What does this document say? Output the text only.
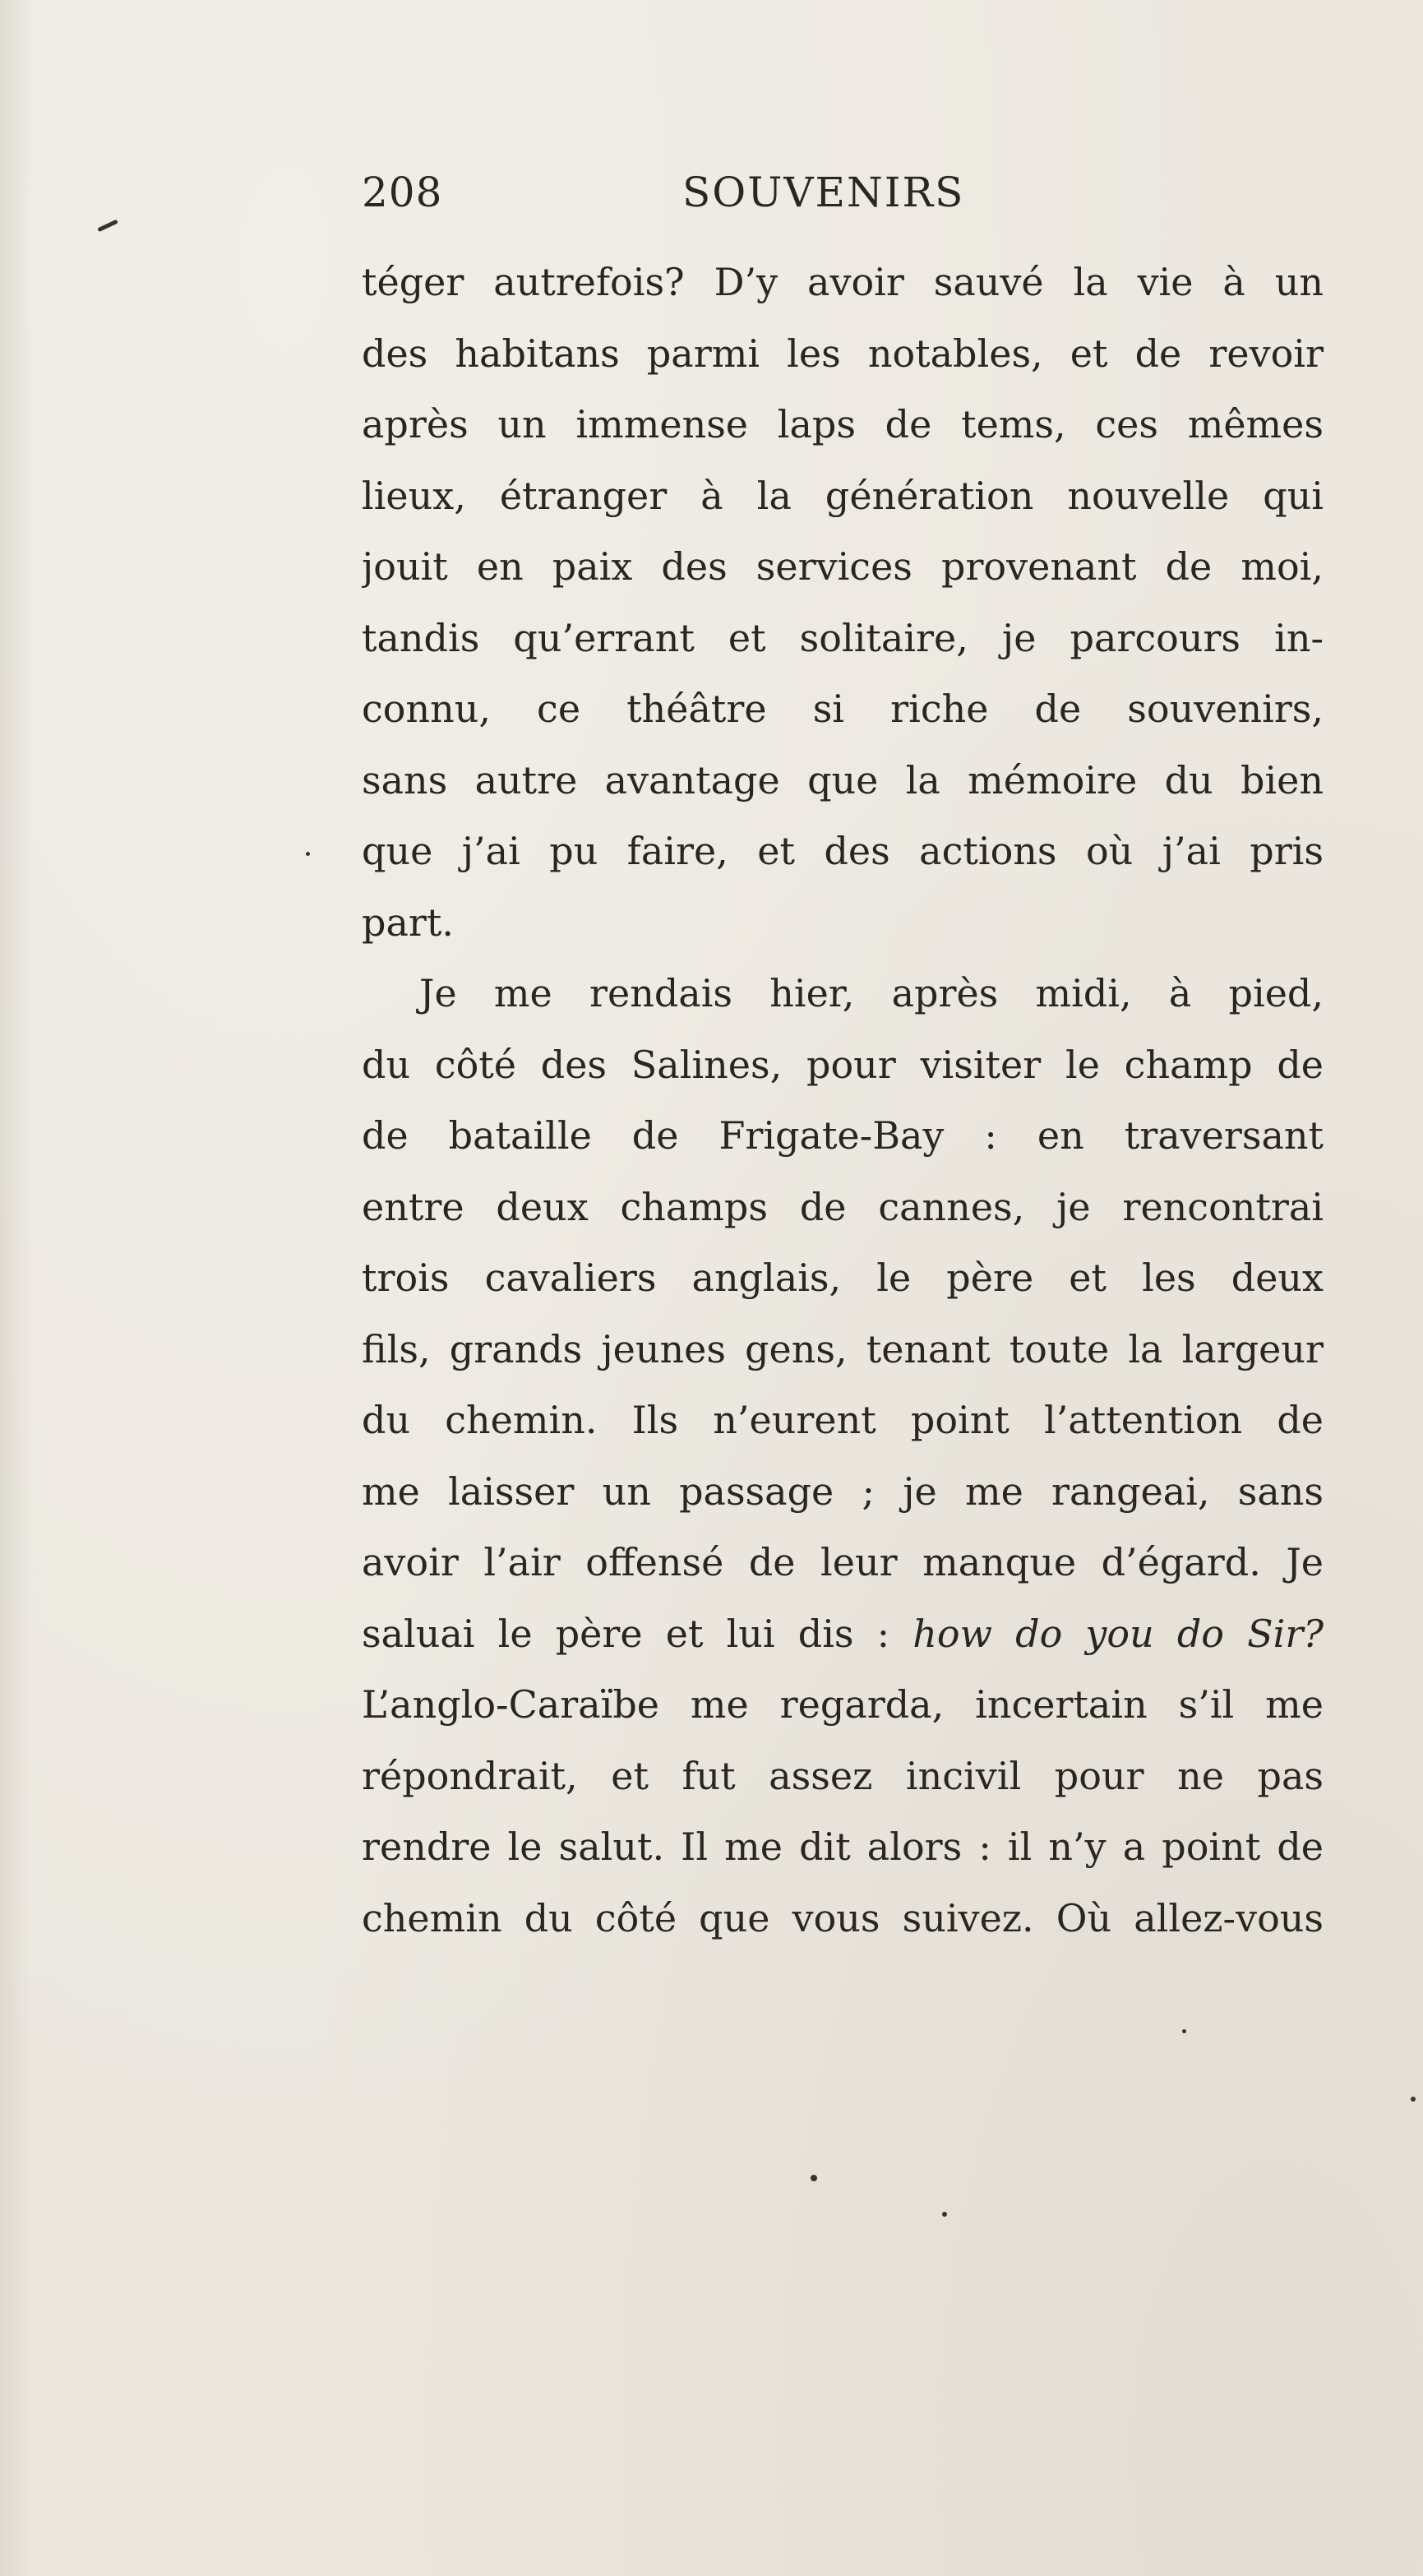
208	SOUVENIRS
téger autrefois? D’y avoir sauvé la vie à un
des habitans parmi les notables, et de revoir
après un immense laps de tems, ces mêmes
lieux, étranger à la génération nouvelle qui
jouit en paix des services provenant de moi,
tandis qu’errant et solitaire, je parcours in-
connu, ce théâtre si riche de souvenirs,
sans autre avantage que la mémoire du bien
que j’ai pu faire, et des actions où j’ai pris
part.
Je me rendais hier, après midi, à pied,
du côté des Salines, pour visiter le champ de
de bataille de Frigate-Bay : en traversant
entre deux champs de cannes, je rencontrai
trois cavaliers anglais, le père et les deux
fils, grands jeunes gens, tenant toute la largeur
du chemin. Ils n’eurent point l’attention de
me laisser un passage ; je me rangeai, sans
avoir l’air offensé de leur manque d’égard. Je
saluai le père et lui dis : how do you do Sir?
L’anglo-Caraïbe me regarda, incertain s’il me
répondrait, et fut assez incivil pour ne pas
rendre le salut. Il me dit alors : il n’y a point de
chemin du côté que vous suivez. Où allez-vous
